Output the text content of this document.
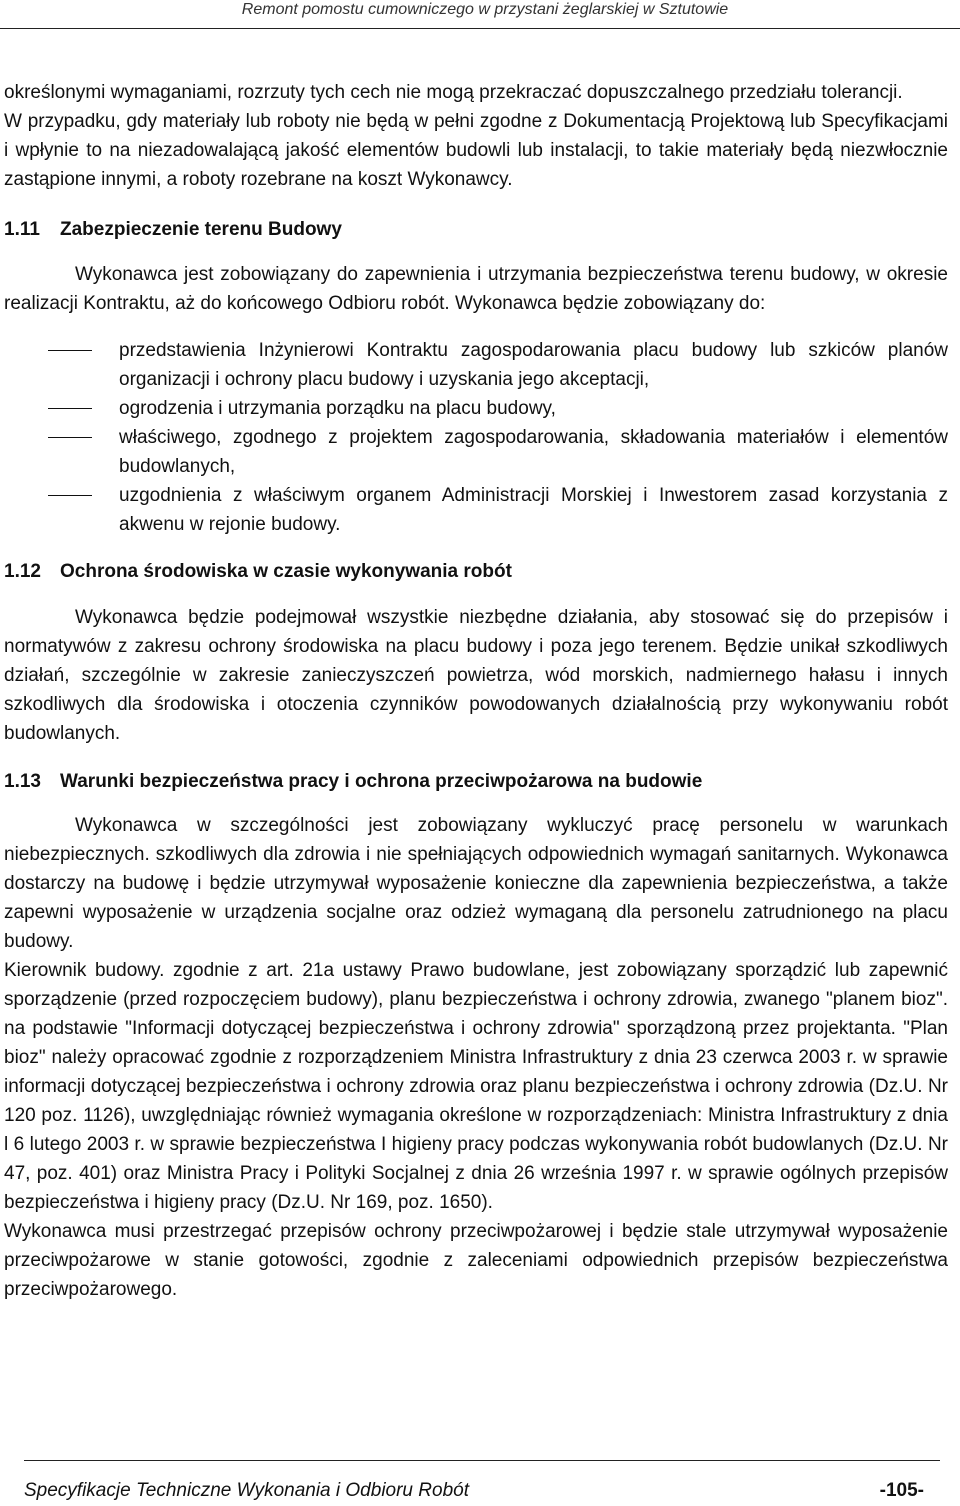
Remont pomostu cumowniczego w przystani żeglarskiej w Sztutowie

określonymi wymaganiami, rozrzuty tych cech nie mogą przekraczać dopuszczalnego przedziału tolerancji.

W przypadku, gdy materiały lub roboty nie będą w pełni zgodne z Dokumentacją Projektową lub Specyfikacjami i wpłynie to na niezadowalającą jakość elementów budowli lub instalacji, to takie materiały będą niezwłocznie zastąpione innymi, a roboty rozebrane na koszt Wykonawcy.

1.11 Zabezpieczenie terenu Budowy

Wykonawca jest zobowiązany do zapewnienia i utrzymania bezpieczeństwa terenu budowy, w okresie realizacji Kontraktu, aż do końcowego Odbioru robót. Wykonawca będzie zobowiązany do:

przedstawienia Inżynierowi Kontraktu zagospodarowania placu budowy lub szkiców planów organizacji i ochrony placu budowy i uzyskania jego akceptacji,
ogrodzenia i utrzymania porządku na placu budowy,
właściwego, zgodnego z projektem zagospodarowania, składowania materiałów i elementów budowlanych,
uzgodnienia z właściwym organem Administracji Morskiej i Inwestorem zasad korzystania z akwenu w rejonie budowy.
1.12 Ochrona środowiska w czasie wykonywania robót

Wykonawca będzie podejmował wszystkie niezbędne działania, aby stosować się do przepisów i normatywów z zakresu ochrony środowiska na placu budowy i poza jego terenem. Będzie unikał szkodliwych działań, szczególnie w zakresie zanieczyszczeń powietrza, wód morskich, nadmiernego hałasu i innych szkodliwych dla środowiska i otoczenia czynników powodowanych działalnością przy wykonywaniu robót budowlanych.

1.13 Warunki bezpieczeństwa pracy i ochrona przeciwpożarowa na budowie

Wykonawca w szczególności jest zobowiązany wykluczyć pracę personelu w warunkach niebezpiecznych. szkodliwych dla zdrowia i nie spełniających odpowiednich wymagań sanitarnych. Wykonawca dostarczy na budowę i będzie utrzymywał wyposażenie konieczne dla zapewnienia bezpieczeństwa, a także zapewni wyposażenie w urządzenia socjalne oraz odzież wymaganą dla personelu zatrudnionego na placu budowy.

Kierownik budowy. zgodnie z art. 21a ustawy Prawo budowlane, jest zobowiązany sporządzić lub zapewnić sporządzenie (przed rozpoczęciem budowy), planu bezpieczeństwa i ochrony zdrowia, zwanego "planem bioz". na podstawie "Informacji dotyczącej bezpieczeństwa i ochrony zdrowia" sporządzoną przez projektanta. "Plan bioz" należy opracować zgodnie z rozporządzeniem Ministra Infrastruktury z dnia 23 czerwca 2003 r. w sprawie informacji dotyczącej bezpieczeństwa i ochrony zdrowia oraz planu bezpieczeństwa i ochrony zdrowia (Dz.U. Nr 120 poz. 1126), uwzględniając również wymagania określone w rozporządzeniach: Ministra Infrastruktury z dnia l 6 lutego 2003 r. w sprawie bezpieczeństwa I higieny pracy podczas wykonywania robót budowlanych (Dz.U. Nr 47, poz. 401) oraz Ministra Pracy i Polityki Socjalnej z dnia 26 września 1997 r. w sprawie ogólnych przepisów bezpieczeństwa i higieny pracy (Dz.U. Nr 169, poz. 1650).

Wykonawca musi przestrzegać przepisów ochrony przeciwpożarowej i będzie stale utrzymywał wyposażenie przeciwpożarowe w stanie gotowości, zgodnie z zaleceniami odpowiednich przepisów bezpieczeństwa przeciwpożarowego.

Specyfikacje Techniczne Wykonania i Odbioru Robót	-105-
